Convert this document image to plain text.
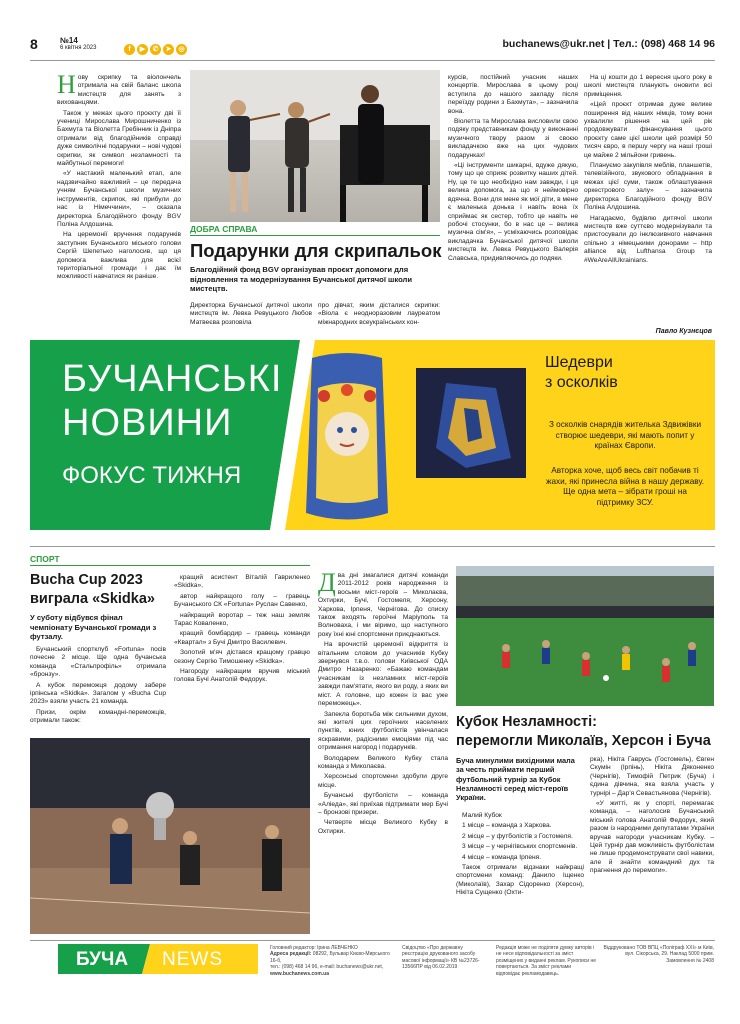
8	№14
6 квітня 2023	f ▶ ✆ ➤ ◎	buchanews@ukr.net | Тел.: (098) 468 14 96
Н ову скрипку та віолончель отримала на свій баланс школа мистецтв для занять з вихованцями.

Також у межах цього проєкту дві її учениці Мирослава Мирошниченко із Бахмута та Віолетта Гребінник із Дніпра отримали від благодійників справді дуже символічні подарунки – нові чудові скрипки, як символ незламності та майбутньої перемоги!

«У настакий маленький етап, але надзвичайно важливий – це передача учням Бучанської школи музичних інструментів, скрипок, які прибули до нас із Німеччини», – сказала директорка Благодійного фонду BGV Поліна Алдошина.

На церемонії вручення подарунків заступник Бучанського міського голови Сергій Шепетько наголосив, що ця допомога важлива для всієї територіальної громади і дає їм можливості навчатися як раніше.

ДОБРА СПРАВА
Подарунки для скрипальок
Благодійний фонд BGV організував проєкт допомоги для відновлення та модернізування Бучанської дитячої школи мистецтв.
Директорка Бучанської дитячої школи мистецтв ім. Левка Ревуцького Любов Матвеєва розповіла
про дівчат, яким дісталися скрипки: «Віола є неодноразовим лауреатом міжнародних всеукраїнських кон-

курсів, постійний учасник наших концертів. Мирослава в цьому році вступила до нашого закладу після переїзду родини з Бахмута», – зазначила вона.

Віолетта та Мирослава висловили свою подяку представникам фонду у виконанні музичного твору разом зі своєю викладачкою вже на цих чудових подарунках!

«Ці інструменти шикарні, вдуже дякую, тому що це сприяє розвитку наших дітей. Ну, це те що необхідно нам завжди, і ця велика допомога, за що я неймовірно вдячна. Вони для мене як мої діти, в мене є маленька донька і навіть вона їх сприймає як сестер, тобто це навіть не робочі стосунки, бо в нас це – велика музична сім'я», – усміхаючись розповідає викладачка Бучанської дитячої школи мистецтв ім. Левка Ревуцького Валерія Славська, придивляючись до подяки.

На ці кошти до 1 вересня цього року в школі мистецтв планують оновити всі приміщення.

«Цей проєкт отримав дуже велике поширення від наших німців, тому вони ухвалили рішення на цей рік продовжувати фінансування цього проєкту саме цієї школи цей розмірі 50 тисяч євро, в першу чергу на наші гроші це майже 2 мільйони гривень.

Плануємо закупівля меблів, планшетів, телевізійного, звукового обладнання в межах цієї суми, також облаштування оркестрового залу» – зазначила директорка Благодійного фонду BGV Поліна Алдошина.

Нагадаємо, будівлю дитячої школи мистецтв вже суттєво модернізували та пристосували до інклюзивного навчання спільно з німецькими донорами – http alliance від Lufthansa Group та #WeAreAllUkrainians.

Павло Кузнєцов
БУЧАНСЬКІ
НОВИНИ
ФОКУС ТИЖНЯ
Шедеври
з осколків
З осколків снарядів жителька Здвижівки створює шедеври, які мають попит у країнах Європи.
Авторка хоче, щоб весь світ побачив ті жахи, які принесла війна в нашу державу. Ще одна мета – зібрати гроші на підтримку ЗСУ.
СПОРТ
Bucha Cup 2023
виграла «Skidka»
У суботу відбувся фінал чемпіонату Бучанської громади з футзалу.

Бучанський спортклуб «Fortuna» посів почесне 2 місце. Ще одна бучанська команда «Стальпрофіль» отримала «бронзу».

А кубок переможця додому забере ірпінська «Skidka». Загалом у «Bucha Cup 2023» взяли участь 21 команда.

Призи, окрім командні-переможців, отримали також:

кращий асистент Віталій Гавриленко «Skidka»,

автор найкращого голу – гравець Бучанського СК «Fortuna» Руслан Савенко,

найкращий воротар – теж наш земляк Тарас Коваленко,

кращий бомбардир – гравець команди «Квартал» з Бучі Дмитро Василевич.

Золотий м'яч дістався кращому гравцю сезону Сергію Тимошенку «Skidka».

Нагороду найкращим вручив міський голова Бучі Анатолій Федорук.

Д ва дні змагалися дитячі команди 2011-2012 років народження із восьми міст-героїв – Миколаєва, Охтирки, Бучі, Гостомеля, Херсону, Харкова, Ірпеня, Чернігова. До списку також входять героїчні Маріуполь та Волноваха, і ми віримо, що наступного року їхні юні спортсмени приєднаються.

На врочистій церемонії відкриття із вітальним словом до учасників Кубку звернувся т.в.о. голови Київської ОДА Дмитро Назаренко: «Бажаю командам учасникам із незламних міст-героїв завжди пам'ятати, якого ви роду, з яких ви міст. А головне, що кожен із вас уже переможець».

Запекла боротьба між сильними духом, які жителі цих героїчних населених пунктів, юних футболістів увінчалася яскравими, радісними емоціями під час отримання нагород і подарунків.

Володарем Великого Кубку стала команда з Миколаєва.

Херсонські спортсмени здобули друге місце.

Бучанські футболісти – команда «Аліеда», які приїхав підтримати мер Бучі – бронзові призери.

Четверте місце Великого Кубку в Охтирки.

Кубок Незламності:
перемогли Миколаїв, Херсон і Буча
Буча минулими вихідними мала за честь приймати перший футбольний турнір за Кубок Незламності серед міст-героїв України.

Малий Кубок

1 місце – команда з Харкова.

2 місце – у футболістів з Гостомеля.

3 місце – у чернігівських спортсменів.

4 місце – команда Ірпеня.

Також отримали відзнаки найкращі спортсмени команд: Данило Іщенко (Миколаїв), Захар Сідоренко (Херсон), Нікіта Сущенко (Охти-

рка), Нікіта Гаврусь (Гостомель), Євген Скумін (Ірпінь), Нікіта Дяконенко (Чернігів), Тимофій Петрик (Буча) і єдина дівчина, яка взяла участь у турнірі – Дар'я Севастьянова (Чернігів).

«У житті, як у спорті, перемагає команда, – наголосив Бучанський міський голова Анатолій Федорук, який разом із народними депутатами України вручав нагороди учасникам Кубку. – Цей турнір дав можливість футболістам не лише продемонструвати свої навики, але й знайти командний дух та прагнення до перемоги».

БУЧА NEWS
Головний редактор: Ірина ЛЕВЧЕНКО
Адреса редакції: 08292, Бульвар Києво-Мирського 16-б,
тел.: (098) 468 14 96, e-mail: buchanews@ukr.net,
www.buchanews.com.ua
Свідоцтво «Про державну реєстрацію друкованого засобу масової інформації» КВ №23726-13566ПР від 06.02.2019
Редакція може не поділяти думку авторів і не несе відповідальності за зміст розміщених у виданні реклам. Рукописи не повертаються. За зміст реклами відповідає рекламодавець.
Віддруковано ТОВ ВПЦ «Поліграф ХХI» м Київ, вул. Сікорська, 29. Наклад 5000 прим. Замовлення № 2408
